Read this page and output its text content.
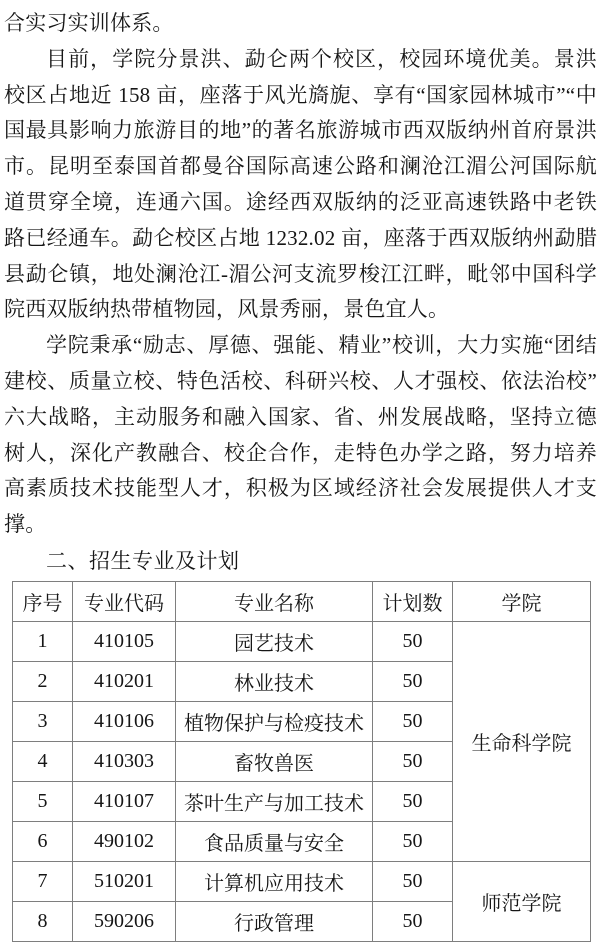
合实习实训体系。

目前，学院分景洪、勐仑两个校区，校园环境优美。景洪校区占地近 158 亩，座落于风光旖旎、享有“国家园林城市”“中国最具影响力旅游目的地”的著名旅游城市西双版纳州首府景洪市。昆明至泰国首都曼谷国际高速公路和澜沧江湄公河国际航道贯穿全境，连通六国。途经西双版纳的泛亚高速铁路中老铁路已经通车。勐仑校区占地 1232.02 亩，座落于西双版纳州勐腊县勐仑镇，地处澜沧江-湄公河支流罗梭江江畔，毗邻中国科学院西双版纳热带植物园，风景秀丽，景色宜人。

学院秉承“励志、厚德、强能、精业”校训，大力实施“团结建校、质量立校、特色活校、科研兴校、人才强校、依法治校”六大战略，主动服务和融入国家、省、州发展战略，坚持立德树人，深化产教融合、校企合作，走特色办学之路，努力培养高素质技术技能型人才，积极为区域经济社会发展提供人才支撑。

二、招生专业及计划
序号	专业代码	专业名称	计划数	学院
1	410105	园艺技术	50	生命科学院
2	410201	林业技术	50	
3	410106	植物保护与检疫技术	50	
4	410303	畜牧兽医	50	
5	410107	茶叶生产与加工技术	50	
6	490102	食品质量与安全	50	
7	510201	计算机应用技术	50	师范学院
8	590206	行政管理	50	
